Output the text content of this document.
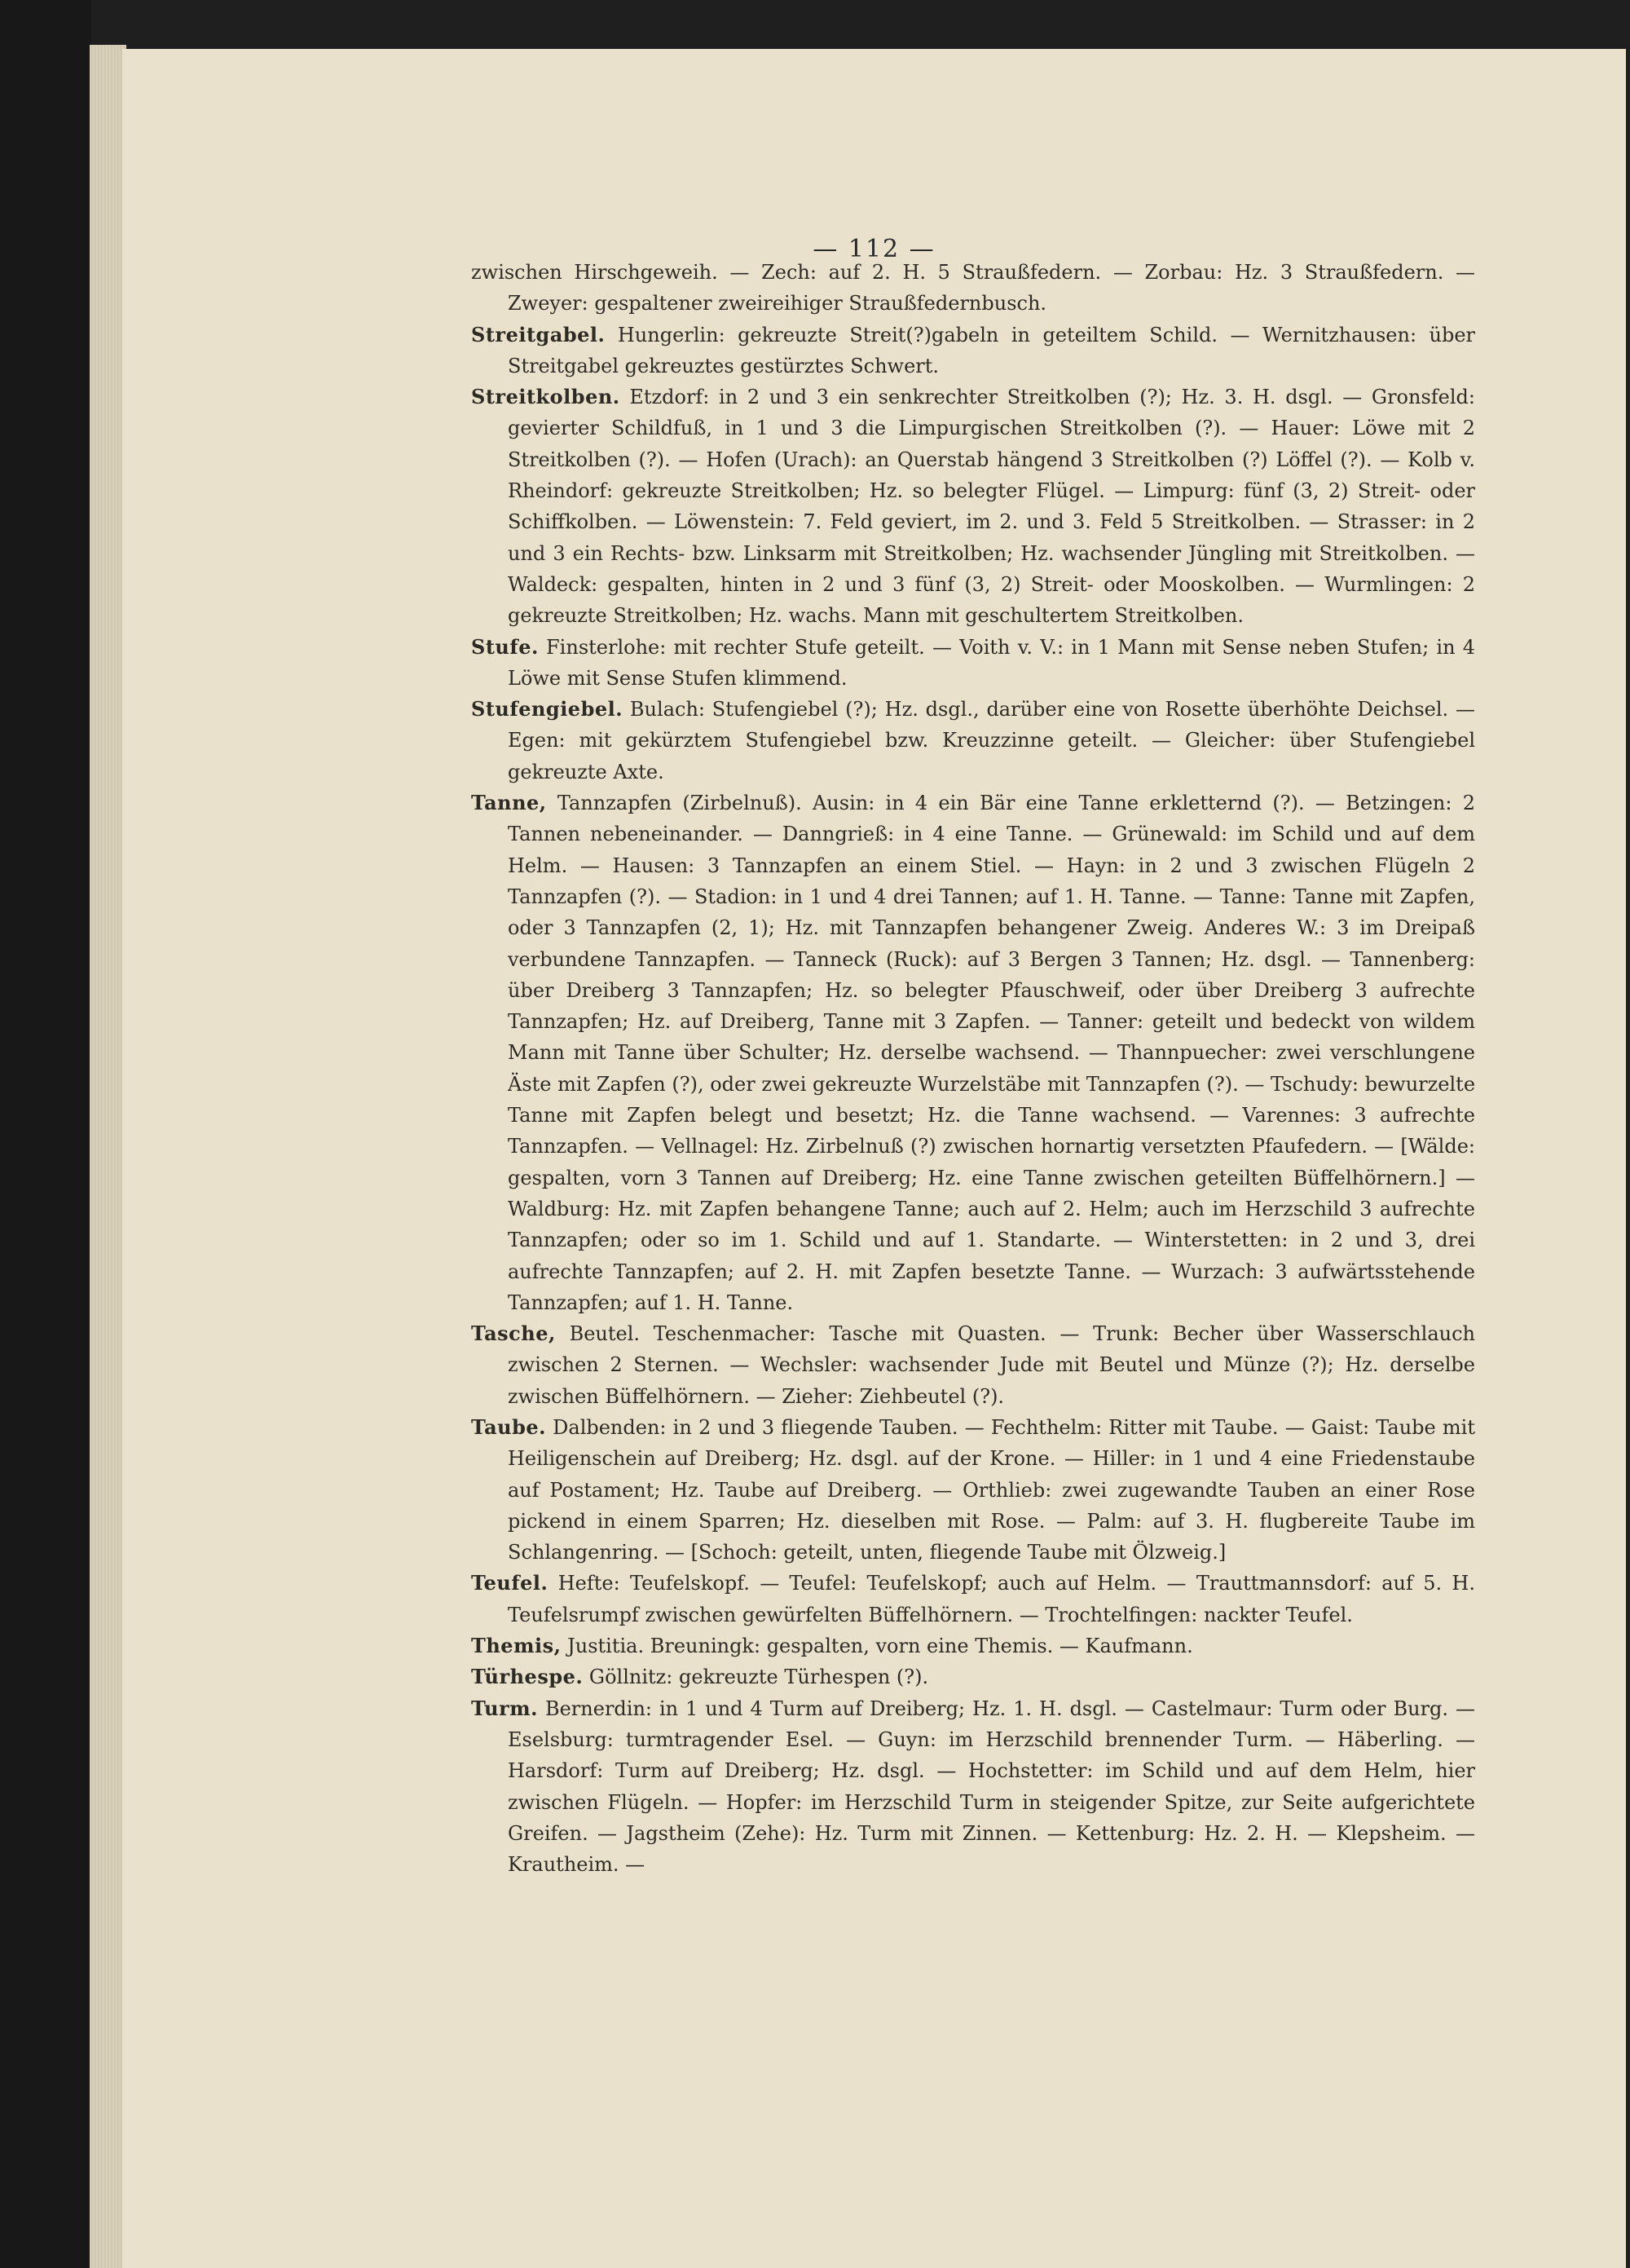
— 112 —

zwischen Hirschgeweih. — Zech: auf 2. H. 5 Straußfedern. — Zorbau: Hz. 3 Straußfedern. — Zweyer: gespaltener zweireihiger Straußfedernbusch.

Streitgabel. Hungerlin: gekreuzte Streit(?)gabeln in geteiltem Schild. — Wernitzhausen: über Streitgabel gekreuztes gestürztes Schwert.

Streitkolben. Etzdorf: in 2 und 3 ein senkrechter Streitkolben (?); Hz. 3. H. dsgl. — Gronsfeld: gevierter Schildfuß, in 1 und 3 die Limpurgischen Streitkolben (?). — Hauer: Löwe mit 2 Streitkolben (?). — Hofen (Urach): an Querstab hängend 3 Streitkolben (?) Löffel (?). — Kolb v. Rheindorf: gekreuzte Streitkolben; Hz. so belegter Flügel. — Limpurg: fünf (3, 2) Streit- oder Schiffkolben. — Löwenstein: 7. Feld geviert, im 2. und 3. Feld 5 Streitkolben. — Strasser: in 2 und 3 ein Rechts- bzw. Linksarm mit Streitkolben; Hz. wachsender Jüngling mit Streitkolben. — Waldeck: gespalten, hinten in 2 und 3 fünf (3, 2) Streit- oder Mooskolben. — Wurmlingen: 2 gekreuzte Streitkolben; Hz. wachs. Mann mit geschultertem Streitkolben.

Stufe. Finsterlohe: mit rechter Stufe geteilt. — Voith v. V.: in 1 Mann mit Sense neben Stufen; in 4 Löwe mit Sense Stufen klimmend.

Stufengiebel. Bulach: Stufengiebel (?); Hz. dsgl., darüber eine von Rosette überhöhte Deichsel. — Egen: mit gekürztem Stufengiebel bzw. Kreuzzinne geteilt. — Gleicher: über Stufengiebel gekreuzte Axte.

Tanne, Tannzapfen (Zirbelnuß). Ausin: in 4 ein Bär eine Tanne erkletternd (?). — Betzingen: 2 Tannen nebeneinander. — Danngrieß: in 4 eine Tanne. — Grünewald: im Schild und auf dem Helm. — Hausen: 3 Tannzapfen an einem Stiel. — Hayn: in 2 und 3 zwischen Flügeln 2 Tannzapfen (?). — Stadion: in 1 und 4 drei Tannen; auf 1. H. Tanne. — Tanne: Tanne mit Zapfen, oder 3 Tannzapfen (2, 1); Hz. mit Tannzapfen behangener Zweig. Anderes W.: 3 im Dreipaß verbundene Tannzapfen. — Tanneck (Ruck): auf 3 Bergen 3 Tannen; Hz. dsgl. — Tannenberg: über Dreiberg 3 Tannzapfen; Hz. so belegter Pfauschweif, oder über Dreiberg 3 aufrechte Tannzapfen; Hz. auf Dreiberg, Tanne mit 3 Zapfen. — Tanner: geteilt und bedeckt von wildem Mann mit Tanne über Schulter; Hz. derselbe wachsend. — Thannpuecher: zwei verschlungene Äste mit Zapfen (?), oder zwei gekreuzte Wurzelstäbe mit Tannzapfen (?). — Tschudy: bewurzelte Tanne mit Zapfen belegt und besetzt; Hz. die Tanne wachsend. — Varennes: 3 aufrechte Tannzapfen. — Vellnagel: Hz. Zirbelnuß (?) zwischen hornartig versetzten Pfaufedern. — [Wälde: gespalten, vorn 3 Tannen auf Dreiberg; Hz. eine Tanne zwischen geteilten Büffelhörnern.] — Waldburg: Hz. mit Zapfen behangene Tanne; auch auf 2. Helm; auch im Herzschild 3 aufrechte Tannzapfen; oder so im 1. Schild und auf 1. Standarte. — Winterstetten: in 2 und 3, drei aufrechte Tannzapfen; auf 2. H. mit Zapfen besetzte Tanne. — Wurzach: 3 aufwärtsstehende Tannzapfen; auf 1. H. Tanne.

Tasche, Beutel. Teschenmacher: Tasche mit Quasten. — Trunk: Becher über Wasserschlauch zwischen 2 Sternen. — Wechsler: wachsender Jude mit Beutel und Münze (?); Hz. derselbe zwischen Büffelhörnern. — Zieher: Ziehbeutel (?).

Taube. Dalbenden: in 2 und 3 fliegende Tauben. — Fechthelm: Ritter mit Taube. — Gaist: Taube mit Heiligenschein auf Dreiberg; Hz. dsgl. auf der Krone. — Hiller: in 1 und 4 eine Friedenstaube auf Postament; Hz. Taube auf Dreiberg. — Orthlieb: zwei zugewandte Tauben an einer Rose pickend in einem Sparren; Hz. dieselben mit Rose. — Palm: auf 3. H. flugbereite Taube im Schlangenring. — [Schoch: geteilt, unten, fliegende Taube mit Ölzweig.]

Teufel. Hefte: Teufelskopf. — Teufel: Teufelskopf; auch auf Helm. — Trauttmannsdorf: auf 5. H. Teufelsrumpf zwischen gewürfelten Büffelhörnern. — Trochtelfingen: nackter Teufel.

Themis, Justitia. Breuningk: gespalten, vorn eine Themis. — Kaufmann.

Türhespe. Göllnitz: gekreuzte Türhespen (?).

Turm. Bernerdin: in 1 und 4 Turm auf Dreiberg; Hz. 1. H. dsgl. — Castelmaur: Turm oder Burg. — Eselsburg: turmtragender Esel. — Guyn: im Herzschild brennender Turm. — Häberling. — Harsdorf: Turm auf Dreiberg; Hz. dsgl. — Hochstetter: im Schild und auf dem Helm, hier zwischen Flügeln. — Hopfer: im Herzschild Turm in steigender Spitze, zur Seite aufgerichtete Greifen. — Jagstheim (Zehe): Hz. Turm mit Zinnen. — Kettenburg: Hz. 2. H. — Klepsheim. — Krautheim. —
